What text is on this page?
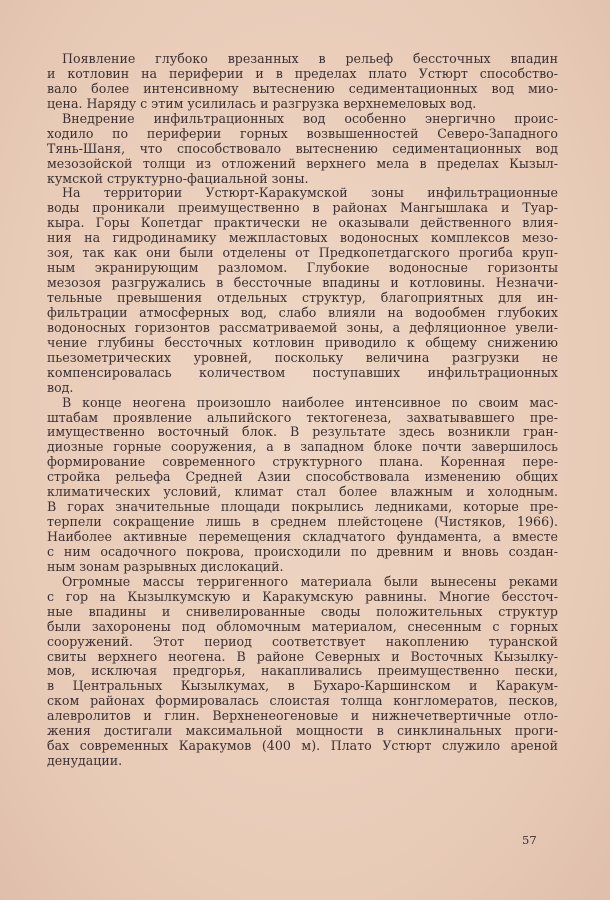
Появление глубоко врезанных в рельеф бессточных впадин
и котловин на периферии и в пределах плато Устюрт способство-
вало более интенсивному вытеснению седиментационных вод мио-
цена. Наряду с этим усилилась и разгрузка верхнемеловых вод.
Внедрение инфильтрационных вод особенно энергично проис-
ходило по периферии горных возвышенностей Северо-Западного
Тянь-Шаня, что способствовало вытеснению седиментационных вод
мезозойской толщи из отложений верхнего мела в пределах Кызыл-
кумской структурно-фациальной зоны.
На территории Устюрт-Каракумской зоны инфильтрационные
воды проникали преимущественно в районах Мангышлака и Туар-
кыра. Горы Копетдаг практически не оказывали действенного влия-
ния на гидродинамику межпластовых водоносных комплексов мезо-
зоя, так как они были отделены от Предкопетдагского прогиба круп-
ным экранирующим разломом. Глубокие водоносные горизонты
мезозоя разгружались в бессточные впадины и котловины. Незначи-
тельные превышения отдельных структур, благоприятных для ин-
фильтрации атмосферных вод, слабо влияли на водообмен глубоких
водоносных горизонтов рассматриваемой зоны, а дефляционное увели-
чение глубины бессточных котловин приводило к общему снижению
пьезометрических уровней, поскольку величина разгрузки не
компенсировалась количеством поступавших инфильтрационных
вод.
В конце неогена произошло наиболее интенсивное по своим мас-
штабам проявление альпийского тектогенеза, захватывавшего пре-
имущественно восточный блок. В результате здесь возникли гран-
диозные горные сооружения, а в западном блоке почти завершилось
формирование современного структурного плана. Коренная пере-
стройка рельефа Средней Азии способствовала изменению общих
климатических условий, климат стал более влажным и холодным.
В горах значительные площади покрылись ледниками, которые пре-
терпели сокращение лишь в среднем плейстоцене (Чистяков, 1966).
Наиболее активные перемещения складчатого фундамента, а вместе
с ним осадочного покрова, происходили по древним и вновь создан-
ным зонам разрывных дислокаций.
Огромные массы терригенного материала были вынесены реками
с гор на Кызылкумскую и Каракумскую равнины. Многие бессточ-
ные впадины и снивелированные своды положительных структур
были захоронены под обломочным материалом, снесенным с горных
сооружений. Этот период соответствует накоплению туранской
свиты верхнего неогена. В районе Северных и Восточных Кызылку-
мов, исключая предгорья, накапливались преимущественно пески,
в Центральных Кызылкумах, в Бухаро-Каршинском и Каракум-
ском районах формировалась слоистая толща конгломератов, песков,
алевролитов и глин. Верхненеогеновые и нижнечетвертичные отло-
жения достигали максимальной мощности в синклинальных проги-
бах современных Каракумов (400 м). Плато Устюрт служило ареной
денудации.
57
